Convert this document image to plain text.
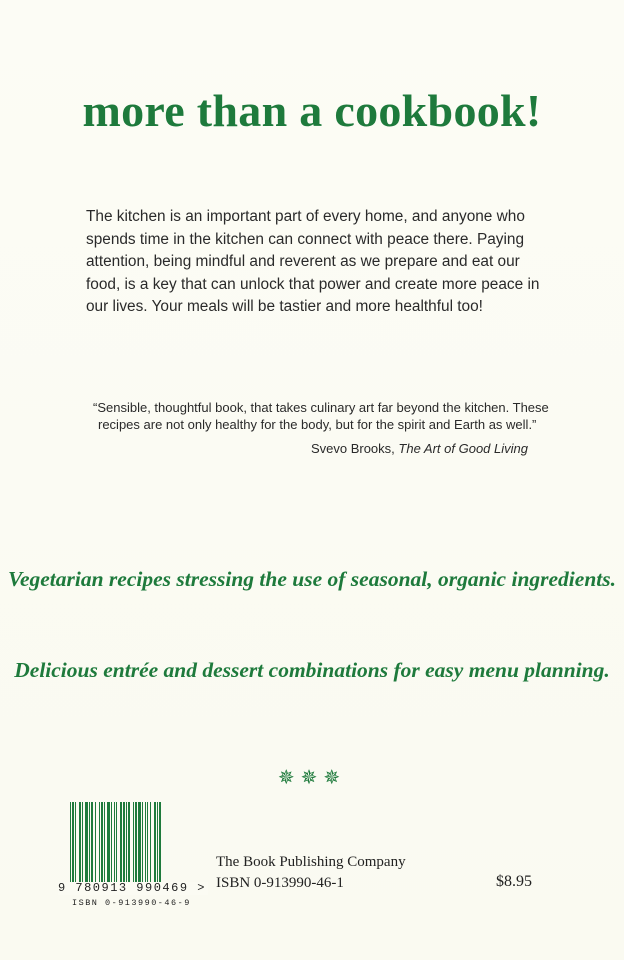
more than a cookbook!

The kitchen is an important part of every home, and anyone who spends time in the kitchen can connect with peace there. Paying attention, being mindful and reverent as we prepare and eat our food, is a key that can unlock that power and create more peace in our lives. Your meals will be tastier and more healthful too!

“Sensible, thoughtful book, that takes culinary art far beyond the kitchen. These recipes are not only healthy for the body, but for the spirit and Earth as well.”

Svevo Brooks, The Art of Good Living

Vegetarian recipes stressing the use of seasonal, organic ingredients.

Delicious entrée and dessert combinations for easy menu planning.

✵✵✵
9 780913 990469 >
ISBN 0-913990-46-9
The Book Publishing Company
ISBN 0-913990-46-1	$8.95
